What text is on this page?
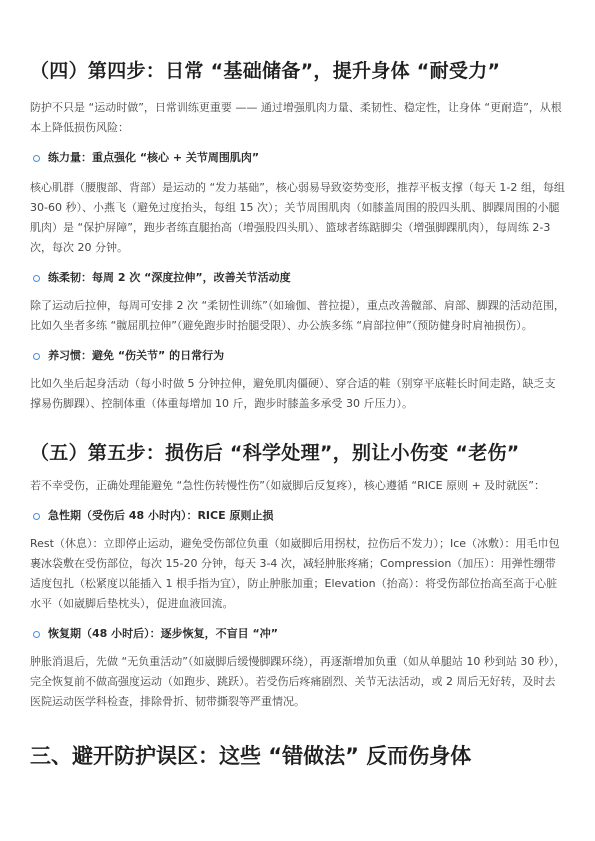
（四）第四步：日常 “基础储备”，提升身体 “耐受力”

防护不只是 “运动时做”，日常训练更重要 —— 通过增强肌肉力量、柔韧性、稳定性，让身体 “更耐造”，从根本上降低损伤风险：

练力量：重点强化 “核心 + 关节周围肌肉”

核心肌群（腰腹部、背部）是运动的 “发力基础”，核心弱易导致姿势变形，推荐平板支撑（每天 1-2 组，每组 30-60 秒）、小燕飞（避免过度抬头，每组 15 次）；关节周围肌肉（如膝盖周围的股四头肌、脚踝周围的小腿肌肉）是 “保护屏障”，跑步者练直腿抬高（增强股四头肌）、篮球者练踮脚尖（增强脚踝肌肉），每周练 2-3 次，每次 20 分钟。

练柔韧：每周 2 次 “深度拉伸”，改善关节活动度

除了运动后拉伸，每周可安排 2 次 “柔韧性训练”（如瑜伽、普拉提），重点改善髋部、肩部、脚踝的活动范围，比如久坐者多练 “髋屈肌拉伸”（避免跑步时抬腿受限）、办公族多练 “肩部拉伸”（预防健身时肩袖损伤）。

养习惯：避免 “伤关节” 的日常行为

比如久坐后起身活动（每小时做 5 分钟拉伸，避免肌肉僵硬）、穿合适的鞋（别穿平底鞋长时间走路，缺乏支撑易伤脚踝）、控制体重（体重每增加 10 斤，跑步时膝盖多承受 30 斤压力）。

（五）第五步：损伤后 “科学处理”，别让小伤变 “老伤”

若不幸受伤，正确处理能避免 “急性伤转慢性伤”（如崴脚后反复疼），核心遵循 “RICE 原则 + 及时就医”：

急性期（受伤后 48 小时内）：RICE 原则止损

Rest（休息）：立即停止运动，避免受伤部位负重（如崴脚后用拐杖，拉伤后不发力）；Ice（冰敷）：用毛巾包裹冰袋敷在受伤部位，每次 15-20 分钟，每天 3-4 次，减轻肿胀疼痛；Compression（加压）：用弹性绷带适度包扎（松紧度以能插入 1 根手指为宜），防止肿胀加重；Elevation（抬高）：将受伤部位抬高至高于心脏水平（如崴脚后垫枕头），促进血液回流。

恢复期（48 小时后）：逐步恢复，不盲目 “冲”

肿胀消退后，先做 “无负重活动”（如崴脚后缓慢脚踝环绕），再逐渐增加负重（如从单腿站 10 秒到站 30 秒），完全恢复前不做高强度运动（如跑步、跳跃）。若受伤后疼痛剧烈、关节无法活动，或 2 周后无好转，及时去医院运动医学科检查，排除骨折、韧带撕裂等严重情况。

三、避开防护误区：这些 “错做法” 反而伤身体
